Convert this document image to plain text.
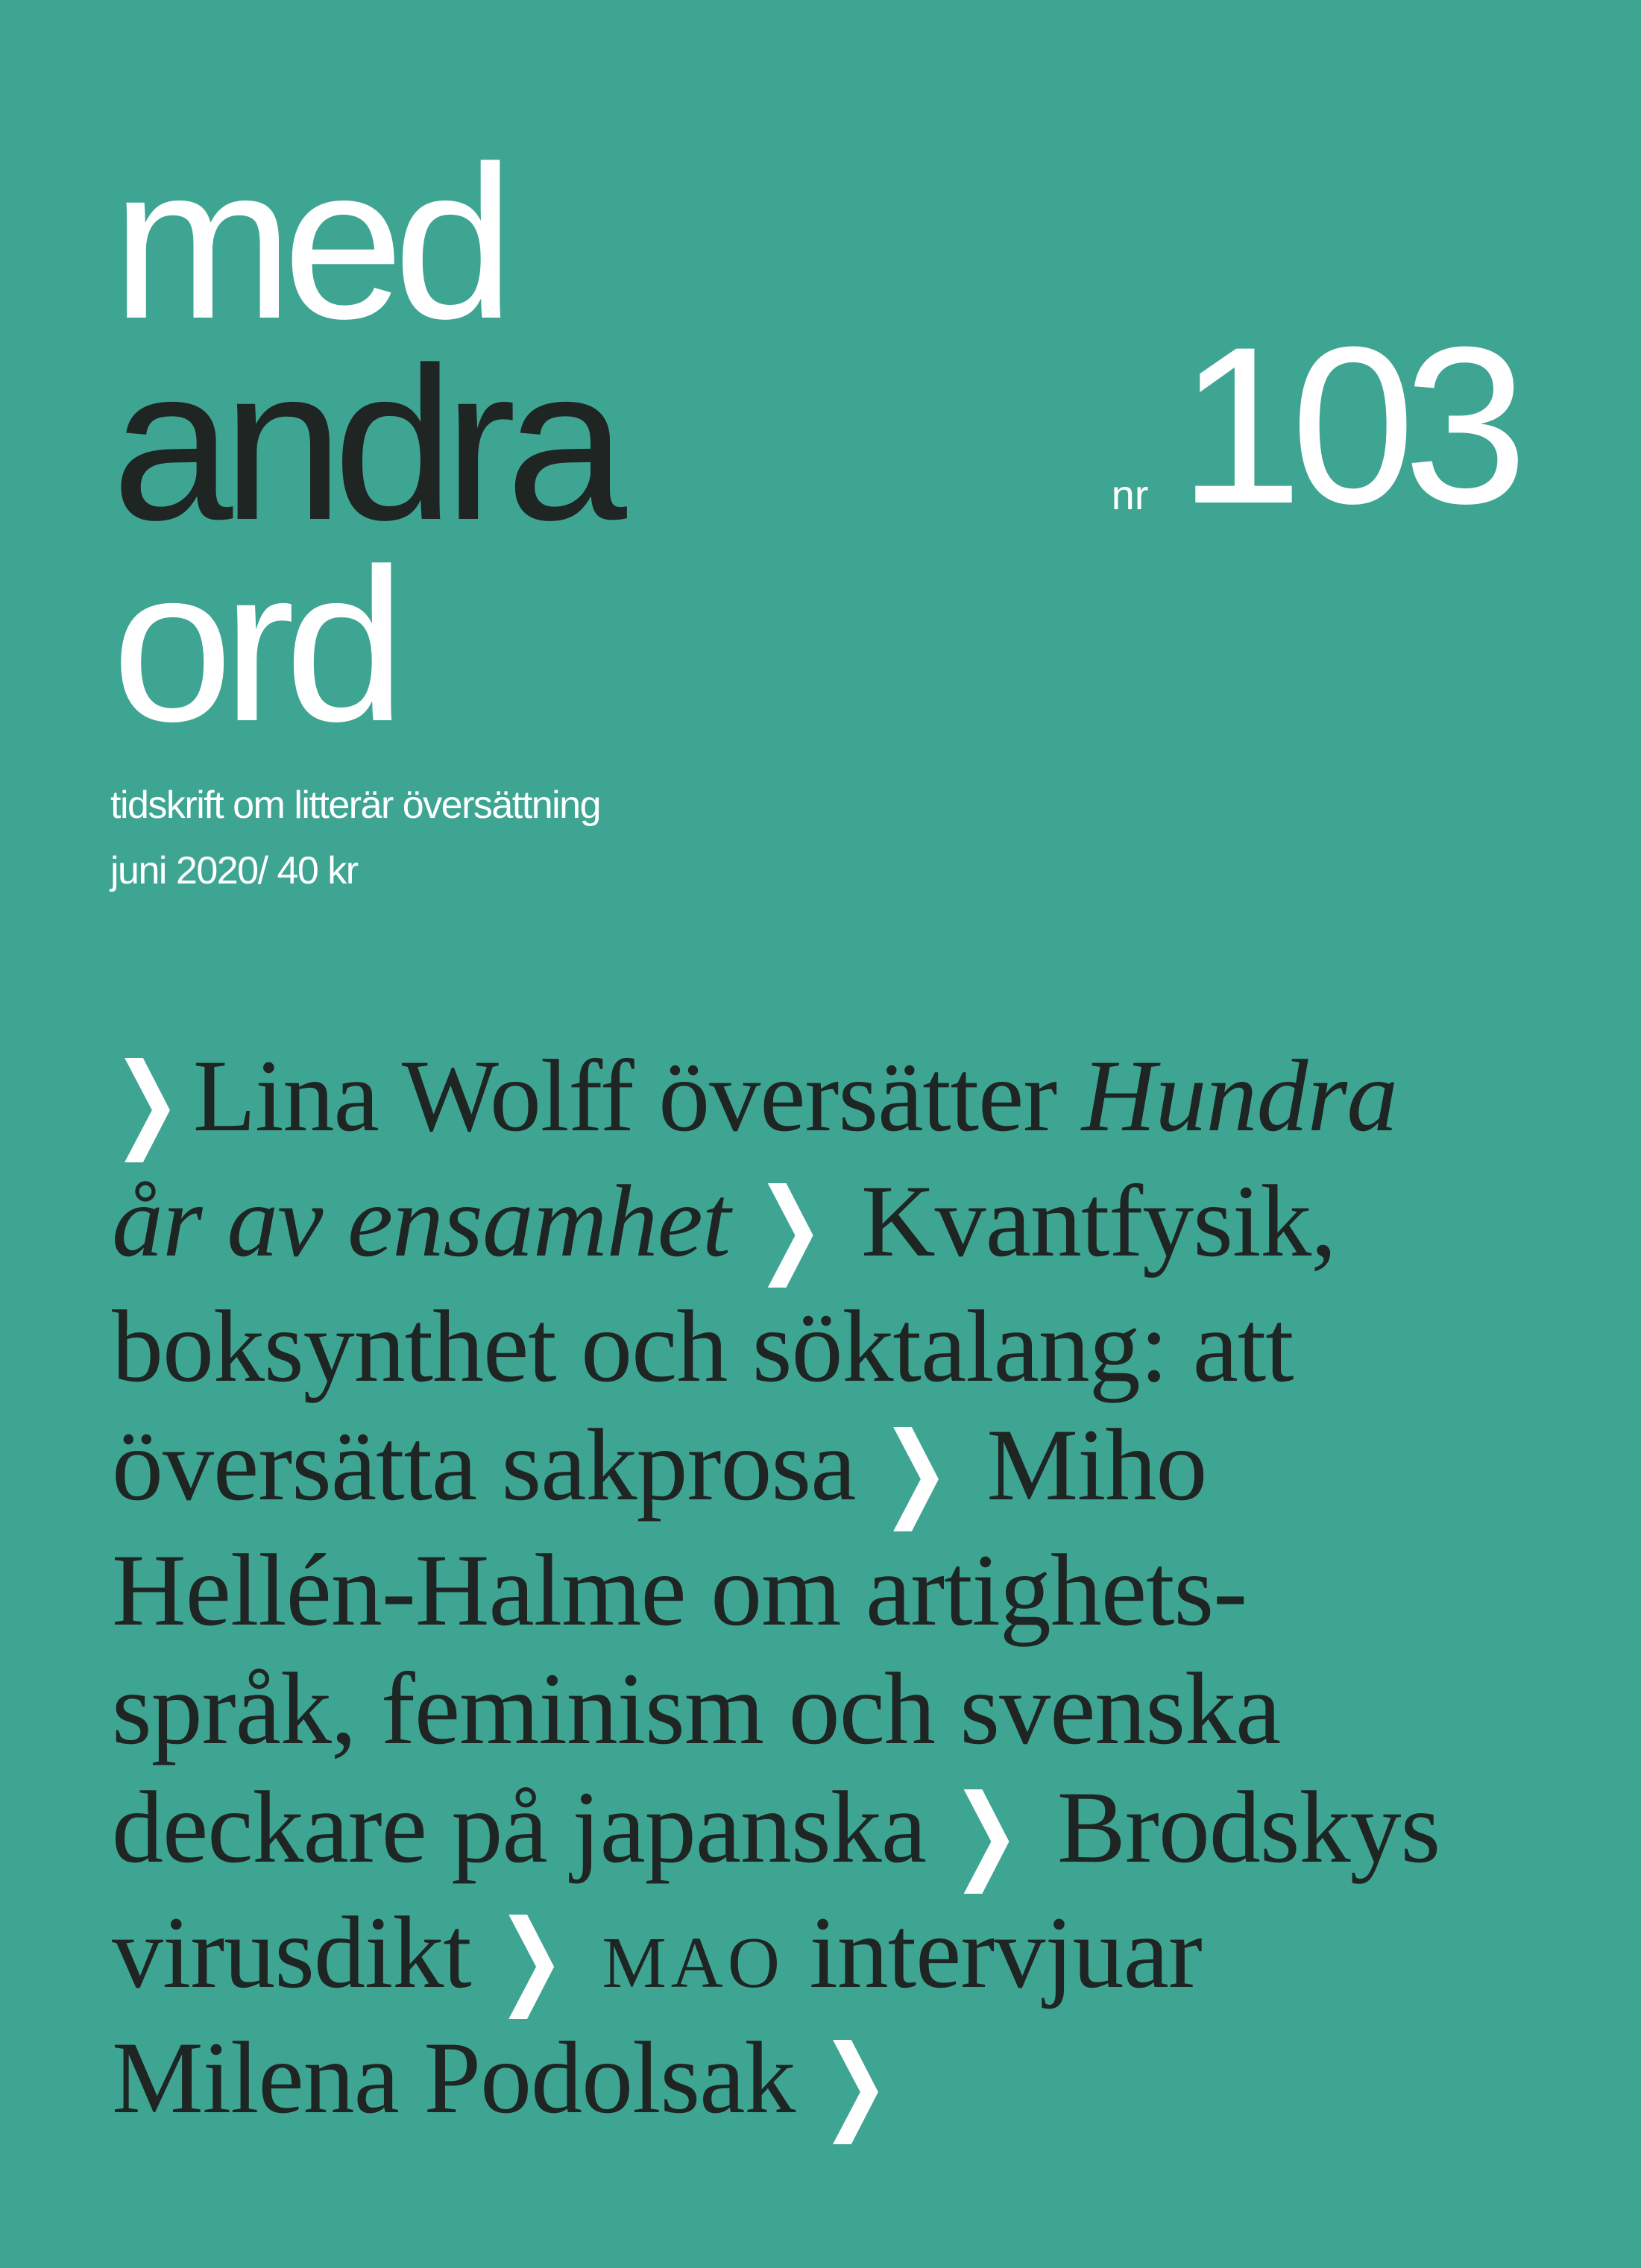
med
andra
ord
nr 103
tidskrift om litterär översättning
juni 2020/ 40 kr
❯ Lina Wolff översätter Hundra
år av ensamhet ❯ Kvantfysik,
boksynthet och söktalang: att
översätta sakprosa ❯ Miho
Hellén-Halme om artighets-
språk, feminism och svenska
deckare på japanska ❯ Brodskys
virusdikt ❯ mao intervjuar
Milena Podolsak ❯
